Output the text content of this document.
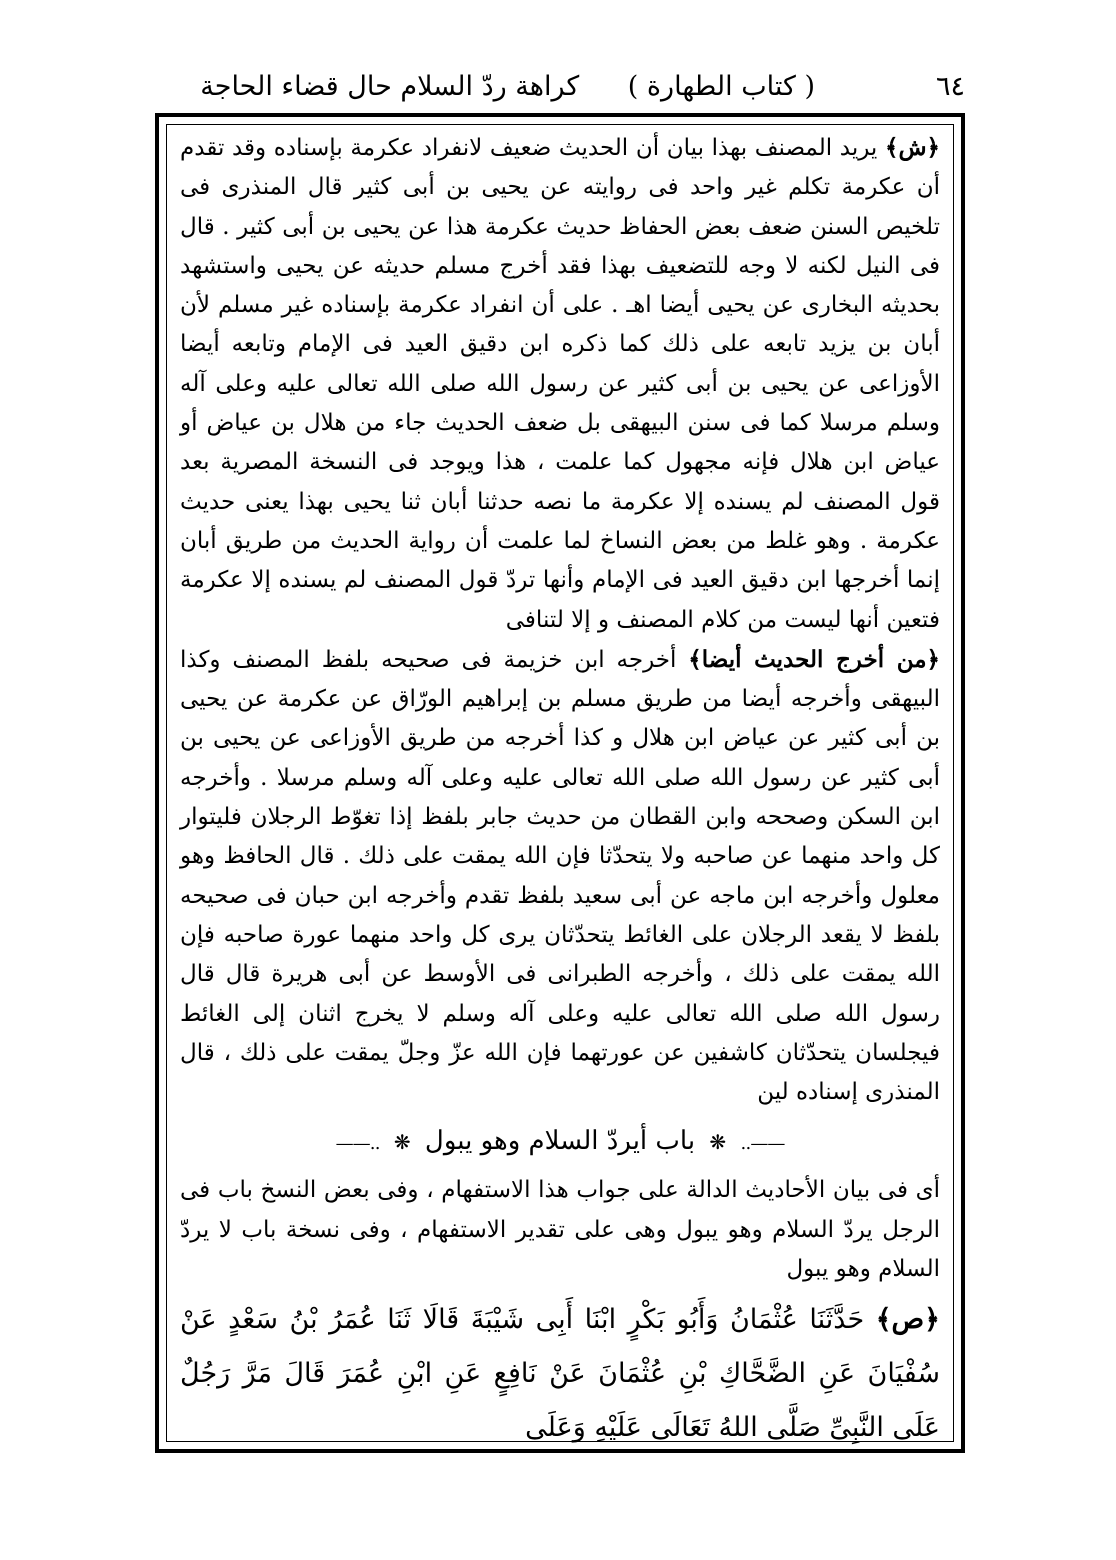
٦٤
( كتاب الطهارة ) كراهة ردّ السلام حال قضاء الحاجة

﴿ش﴾ يريد المصنف بهذا بيان أن الحديث ضعيف لانفراد عكرمة بإسناده وقد تقدم أن عكرمة تكلم غير واحد فى روايته عن يحيى بن أبى كثير قال المنذرى فى تلخيص السنن ضعف بعض الحفاظ حديث عكرمة هذا عن يحيى بن أبى كثير . قال فى النيل لكنه لا وجه للتضعيف بهذا فقد أخرج مسلم حديثه عن يحيى واستشهد بحديثه البخارى عن يحيى أيضا اهـ . على أن انفراد عكرمة بإسناده غير مسلم لأن أبان بن يزيد تابعه على ذلك كما ذكره ابن دقيق العيد فى الإمام وتابعه أيضا الأوزاعى عن يحيى بن أبى كثير عن رسول الله صلى الله تعالى عليه وعلى آله وسلم مرسلا كما فى سنن البيهقى بل ضعف الحديث جاء من هلال بن عياض أو عياض ابن هلال فإنه مجهول كما علمت ، هذا ويوجد فى النسخة المصرية بعد قول المصنف لم يسنده إلا عكرمة ما نصه حدثنا أبان ثنا يحيى بهذا يعنى حديث عكرمة . وهو غلط من بعض النساخ لما علمت أن رواية الحديث من طريق أبان إنما أخرجها ابن دقيق العيد فى الإمام وأنها تردّ قول المصنف لم يسنده إلا عكرمة فتعين أنها ليست من كلام المصنف و إلا لتنافى

﴿من أخرج الحديث أيضا﴾ أخرجه ابن خزيمة فى صحيحه بلفظ المصنف وكذا البيهقى وأخرجه أيضا من طريق مسلم بن إبراهيم الورّاق عن عكرمة عن يحيى بن أبى كثير عن عياض ابن هلال و كذا أخرجه من طريق الأوزاعى عن يحيى بن أبى كثير عن رسول الله صلى الله تعالى عليه وعلى آله وسلم مرسلا . وأخرجه ابن السكن وصححه وابن القطان من حديث جابر بلفظ إذا تغوّط الرجلان فليتوار كل واحد منهما عن صاحبه ولا يتحدّثا فإن الله يمقت على ذلك . قال الحافظ وهو معلول وأخرجه ابن ماجه عن أبى سعيد بلفظ تقدم وأخرجه ابن حبان فى صحيحه بلفظ لا يقعد الرجلان على الغائط يتحدّثان يرى كل واحد منهما عورة صاحبه فإن الله يمقت على ذلك ، وأخرجه الطبرانى فى الأوسط عن أبى هريرة قال قال رسول الله صلى الله تعالى عليه وعلى آله وسلم لا يخرج اثنان إلى الغائط فيجلسان يتحدّثان كاشفين عن عورتهما فإن الله عزّ وجلّ يمقت على ذلك ، قال المنذرى إسناده لين

——․․ ❋ باب أيردّ السلام وهو يبول ❋ ․․——

أى فى بيان الأحاديث الدالة على جواب هذا الاستفهام ، وفى بعض النسخ باب فى الرجل يردّ السلام وهو يبول وهى على تقدير الاستفهام ، وفى نسخة باب لا يردّ السلام وهو يبول

﴿ص﴾ حَدَّثَنَا عُثْمَانُ وَأَبُو بَكْرٍ ابْنَا أَبِى شَيْبَةَ قَالَا ثَنَا عُمَرُ بْنُ سَعْدٍ عَنْ سُفْيَانَ عَنِ الضَّحَّاكِ بْنِ عُثْمَانَ عَنْ نَافِعٍ عَنِ ابْنِ عُمَرَ قَالَ مَرَّ رَجُلٌ عَلَى النَّبِىِّ صَلَّى اللهُ تَعَالَى عَلَيْهِ وَعَلَى
